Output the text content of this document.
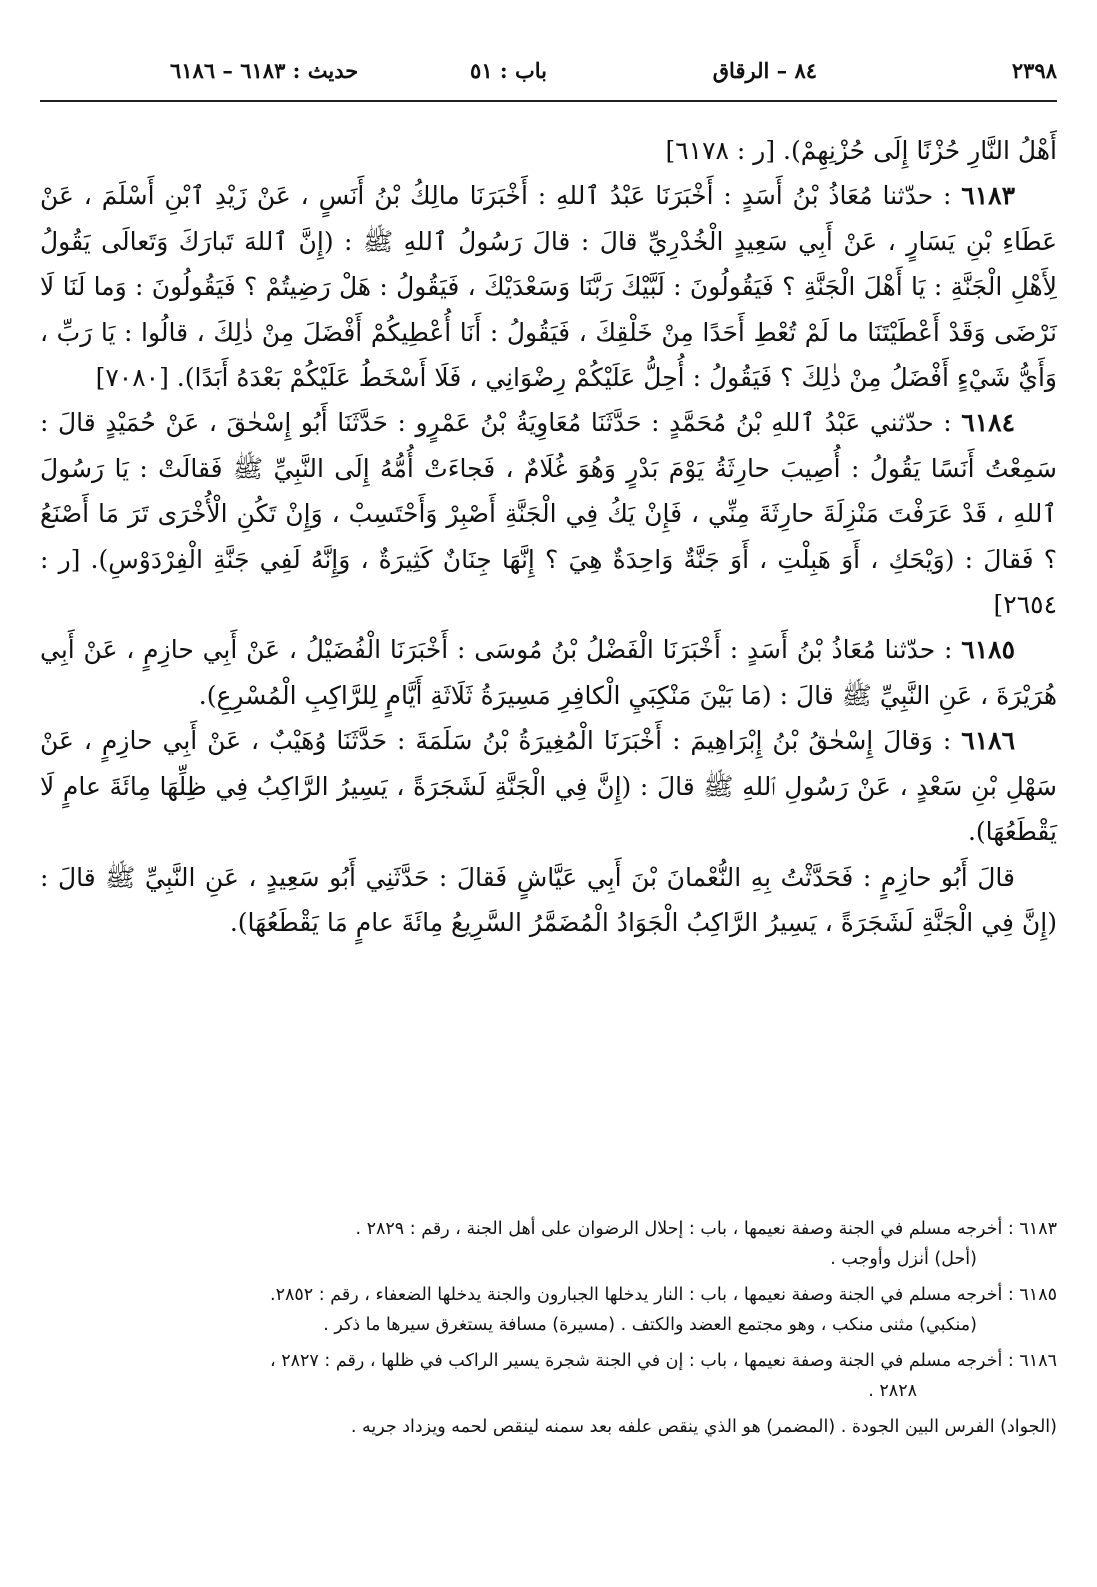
٢٣٩٨
٨٤ – الرقاق
باب : ٥١
حديث : ٦١٨٣ – ٦١٨٦

أَهْلُ النَّارِ حُزْنًا إِلَى حُزْنِهِمْ). [ر : ٦١٧٨]

٦١٨٣ : حدّثنا مُعَاذُ بْنُ أَسَدٍ : أَخْبَرَنَا عَبْدُ ٱللهِ : أَخْبَرَنَا مالِكُ بْنُ أَنَسٍ ، عَنْ زَيْدِ ٱبْنِ أَسْلَمَ ، عَنْ عَطَاءِ بْنِ يَسَارٍ ، عَنْ أَبِي سَعِيدٍ الْخُدْرِيِّ قالَ : قالَ رَسُولُ ٱللهِ ﷺ : (إِنَّ ٱللهَ تَبارَكَ وَتَعالَى يَقُولُ لِأَهْلِ الْجَنَّةِ : يَا أَهْلَ الْجَنَّةِ ؟ فَيَقُولُونَ : لَبَّيْكَ رَبَّنَا وَسَعْدَيْكَ ، فَيَقُولُ : هَلْ رَضِيتُمْ ؟ فَيَقُولُونَ : وَما لَنَا لَا نَرْضَى وَقَدْ أَعْطَيْتَنَا ما لَمْ تُعْطِ أَحَدًا مِنْ خَلْقِكَ ، فَيَقُولُ : أَنَا أُعْطِيكُمْ أَفْضَلَ مِنْ ذٰلِكَ ، قالُوا : يَا رَبِّ ، وَأَيُّ شَيْءٍ أَفْضَلُ مِنْ ذٰلِكَ ؟ فَيَقُولُ : أُحِلُّ عَلَيْكُمْ رِضْوَانِي ، فَلَا أَسْخَطُ عَلَيْكُمْ بَعْدَهُ أَبَدًا). [٧٠٨٠]

٦١٨٤ : حدّثني عَبْدُ ٱللهِ بْنُ مُحَمَّدٍ : حَدَّثَنَا مُعَاوِيَةُ بْنُ عَمْرٍو : حَدَّثَنَا أَبُو إِسْحٰقَ ، عَنْ حُمَيْدٍ قالَ : سَمِعْتُ أَنَسًا يَقُولُ : أُصِيبَ حارِثَةُ يَوْمَ بَدْرٍ وَهُوَ غُلَامٌ ، فَجاءَتْ أُمُّهُ إِلَى النَّبِيِّ ﷺ فَقالَتْ : يَا رَسُولَ ٱللهِ ، قَدْ عَرَفْتَ مَنْزِلَةَ حارِثَةَ مِنِّي ، فَإِنْ يَكُ فِي الْجَنَّةِ أَصْبِرْ وَأَحْتَسِبْ ، وَإِنْ تَكُنِ الْأُخْرَى تَرَ مَا أَصْنَعُ ؟ فَقالَ : (وَيْحَكِ ، أَوَ هَبِلْتِ ، أَوَ جَنَّةٌ وَاحِدَةٌ هِيَ ؟ إِنَّهَا جِنَانٌ كَثِيرَةٌ ، وَإِنَّهُ لَفِي جَنَّةِ الْفِرْدَوْسِ). [ر : ٢٦٥٤]

٦١٨٥ : حدّثنا مُعَاذُ بْنُ أَسَدٍ : أَخْبَرَنَا الْفَضْلُ بْنُ مُوسَى : أَخْبَرَنَا الْفُضَيْلُ ، عَنْ أَبِي حازِمٍ ، عَنْ أَبِي هُرَيْرَةَ ، عَنِ النَّبِيِّ ﷺ قالَ : (مَا بَيْنَ مَنْكِبَيِ الْكافِرِ مَسِيرَةُ ثَلَاثَةِ أَيَّامٍ لِلرَّاكِبِ الْمُسْرِعِ).

٦١٨٦ : وَقالَ إِسْحٰقُ بْنُ إِبْرَاهِيمَ : أَخْبَرَنَا الْمُغِيرَةُ بْنُ سَلَمَةَ : حَدَّثَنَا وُهَيْبٌ ، عَنْ أَبِي حازِمٍ ، عَنْ سَهْلِ بْنِ سَعْدٍ ، عَنْ رَسُولِ ٱللهِ ﷺ قالَ : (إِنَّ فِي الْجَنَّةِ لَشَجَرَةً ، يَسِيرُ الرَّاكِبُ فِي ظِلِّهَا مِائَةَ عامٍ لَا يَقْطَعُهَا).

قالَ أَبُو حازِمٍ : فَحَدَّثْتُ بِهِ النُّعْمانَ بْنَ أَبِي عَيَّاشٍ فَقالَ : حَدَّثَنِي أَبُو سَعِيدٍ ، عَنِ النَّبِيِّ ﷺ قالَ : (إِنَّ فِي الْجَنَّةِ لَشَجَرَةً ، يَسِيرُ الرَّاكِبُ الْجَوَادُ الْمُضَمَّرُ السَّرِيعُ مِائَةَ عامٍ مَا يَقْطَعُهَا).

٦١٨٣ : أخرجه مسلم في الجنة وصفة نعيمها ، باب : إحلال الرضوان على أهل الجنة ، رقم : ٢٨٢٩ .

(أحل) أنزل وأوجب .

٦١٨٥ : أخرجه مسلم في الجنة وصفة نعيمها ، باب : النار يدخلها الجبارون والجنة يدخلها الضعفاء ، رقم : ٢٨٥٢.

(منكبي) مثنى منكب ، وهو مجتمع العضد والكتف . (مسيرة) مسافة يستغرق سيرها ما ذكر .

٦١٨٦ : أخرجه مسلم في الجنة وصفة نعيمها ، باب : إن في الجنة شجرة يسير الراكب في ظلها ، رقم : ٢٨٢٧ ،

٢٨٢٨ .

(الجواد) الفرس البين الجودة . (المضمر) هو الذي ينقص علفه بعد سمنه لينقص لحمه ويزداد جريه .
